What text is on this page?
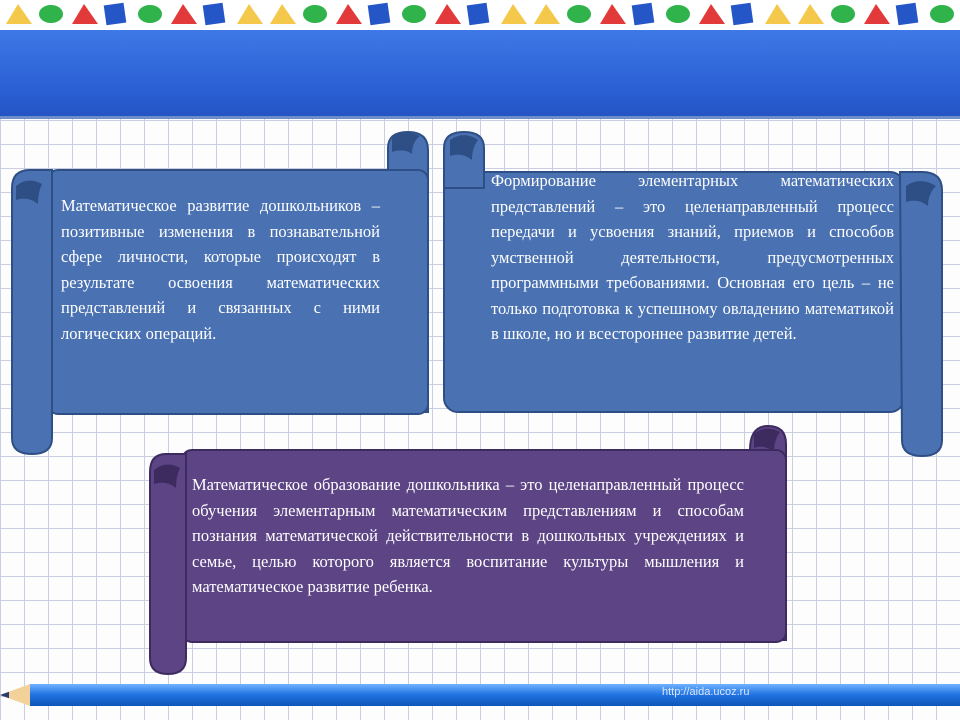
Математическое развитие дошкольников – позитивные изменения в познавательной сфере личности, которые происходят в результате освоения математических представлений и связанных с ними логических операций.

Формирование элементарных математических представлений – это целенаправленный процесс передачи и усвоения знаний, приемов и способов умственной деятельности, предусмотренных программными требованиями. Основная его цель – не только подготовка к успешному овладению математикой в школе, но и всестороннее развитие детей.

Математическое образование дошкольника – это целенаправленный процесс обучения элементарным математическим представлениям и способам познания математической действительности в дошкольных учреждениях и семье, целью которого является воспитание культуры мышления и математическое развитие ребенка.

http://aida.ucoz.ru
